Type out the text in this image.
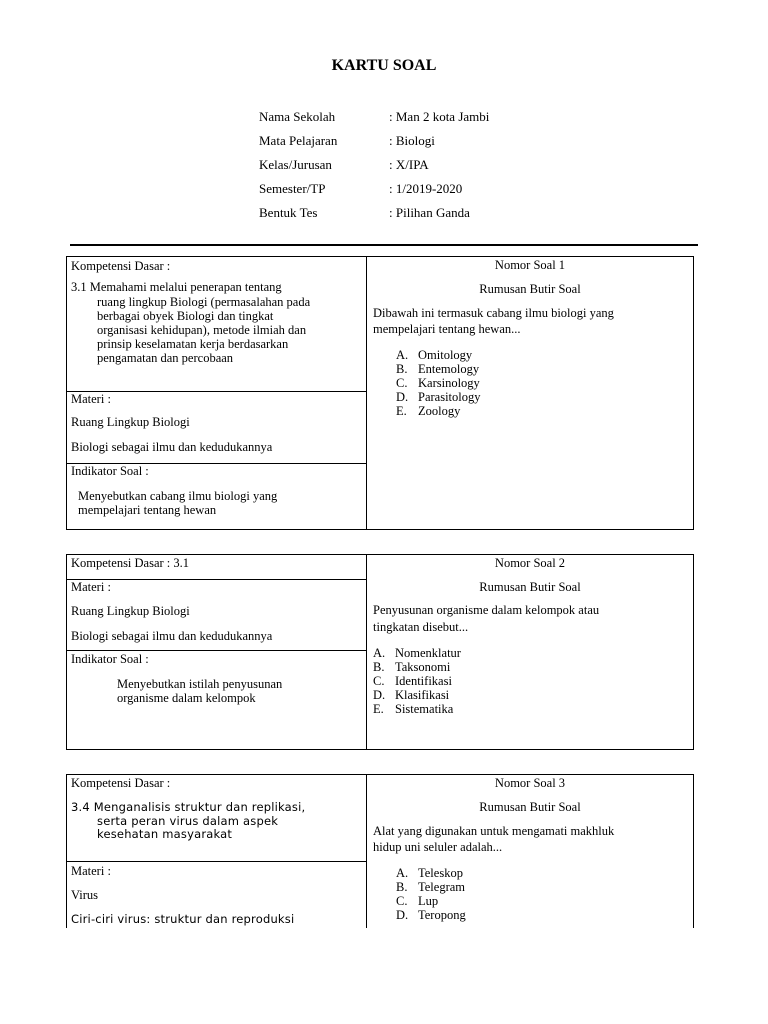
KARTU SOAL
Nama Sekolah	: Man 2 kota Jambi
Mata Pelajaran	: Biologi
Kelas/Jurusan	: X/IPA
Semester/TP	: 1/2019-2020
Bentuk Tes	: Pilihan Ganda
Kompetensi Dasar :
3.1 Memahami melalui penerapan tentang
ruang lingkup Biologi (permasalahan pada
berbagai obyek Biologi dan tingkat
organisasi kehidupan), metode ilmiah dan
prinsip keselamatan kerja berdasarkan
pengamatan dan percobaan
Materi :
Ruang Lingkup Biologi
Biologi sebagai ilmu dan kedudukannya
Indikator Soal :
Menyebutkan cabang ilmu biologi yang
mempelajari tentang hewan
Nomor Soal 1
Rumusan Butir Soal
Dibawah ini termasuk cabang ilmu biologi yang
mempelajari tentang hewan...
A. Omitology
B. Entemology
C. Karsinology
D. Parasitology
E. Zoology
Kompetensi Dasar : 3.1
Materi :
Ruang Lingkup Biologi
Biologi sebagai ilmu dan kedudukannya
Indikator Soal :
Menyebutkan istilah penyusunan
organisme dalam kelompok
Nomor Soal 2
Rumusan Butir Soal
Penyusunan organisme dalam kelompok atau
tingkatan disebut...
A. Nomenklatur
B. Taksonomi
C. Identifikasi
D. Klasifikasi
E. Sistematika
Kompetensi Dasar :
3.4 Menganalisis struktur dan replikasi,
serta peran virus dalam aspek
kesehatan masyarakat
Materi :
Virus
Ciri-ciri virus: struktur dan reproduksi
Nomor Soal 3
Rumusan Butir Soal
Alat yang digunakan untuk mengamati makhluk
hidup uni seluler adalah...
A. Teleskop
B. Telegram
C. Lup
D. Teropong
